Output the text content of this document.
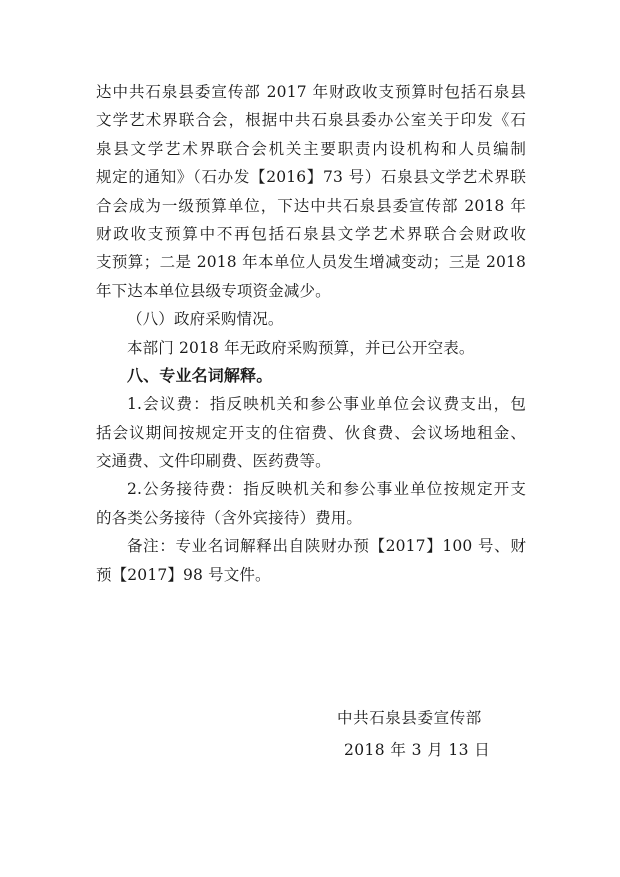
达中共石泉县委宣传部 2017 年财政收支预算时包括石泉县
文学艺术界联合会，根据中共石泉县委办公室关于印发《石
泉县文学艺术界联合会机关主要职责内设机构和人员编制
规定的通知》（石办发【2016】73 号）石泉县文学艺术界联
合会成为一级预算单位，下达中共石泉县委宣传部 2018 年
财政收支预算中不再包括石泉县文学艺术界联合会财政收
支预算；二是 2018 年本单位人员发生增减变动；三是 2018
年下达本单位县级专项资金减少。
（八）政府采购情况。
本部门 2018 年无政府采购预算，并已公开空表。
八、专业名词解释。
1.会议费：指反映机关和参公事业单位会议费支出，包
括会议期间按规定开支的住宿费、伙食费、会议场地租金、
交通费、文件印刷费、医药费等。
2.公务接待费：指反映机关和参公事业单位按规定开支
的各类公务接待（含外宾接待）费用。
备注：专业名词解释出自陕财办预【2017】100 号、财
预【2017】98 号文件。
中共石泉县委宣传部
2018 年 3 月 13 日
